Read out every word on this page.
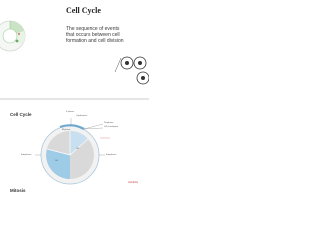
Cell Cycle
The sequence of events that occurs between cell formation and cell division
Cell Cycle	S phase
Cytokinesis
Prophase
G2 checkpoint
Interphase	Interphase
G1
G2
M phase
Variability
Mitosis
